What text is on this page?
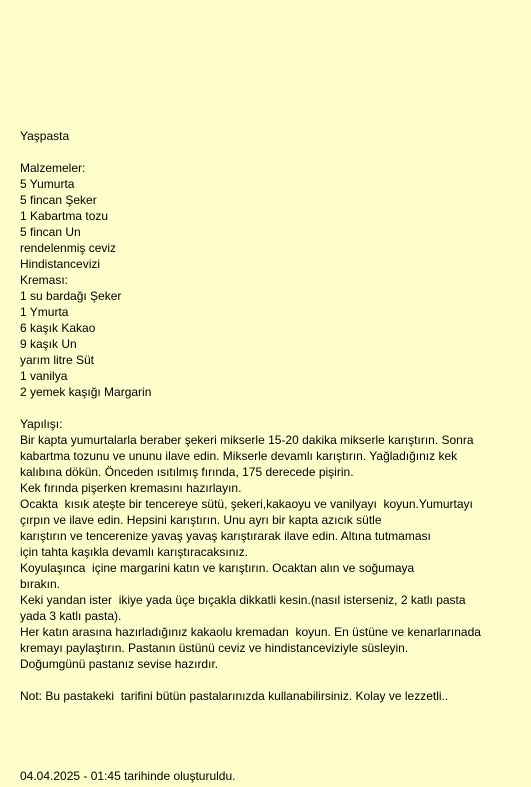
Yaşpasta
Malzemeler:
5 Yumurta
5 fincan Şeker
1 Kabartma tozu
5 fincan Un
rendelenmiş ceviz
Hindistancevizi
Kreması:
1 su bardağı Şeker
1 Ymurta
6 kaşık Kakao
9 kaşık Un
yarım litre Süt
1 vanilya
2 yemek kaşığı Margarin
Yapılışı:
Bir kapta yumurtalarla beraber şekeri mikserle 15-20 dakika mikserle karıştırın. Sonra
kabartma tozunu ve ununu ilave edin. Mikserle devamlı karıştırın. Yağladığınız kek
kalıbına dökün. Önceden ısıtılmış fırında, 175 derecede pişirin.
Kek fırında pişerken kremasını hazırlayın.
Ocakta  kısık ateşte bir tencereye sütü, şekeri,kakaoyu ve vanilyayı  koyun.Yumurtayı
çırpın ve ilave edin. Hepsini karıştırın. Unu ayrı bir kapta azıcık sütle
karıştırın ve tencerenize yavaş yavaş karıştırarak ilave edin. Altına tutmaması
için tahta kaşıkla devamlı karıştıracaksınız.
Koyulaşınca  içine margarini katın ve karıştırın. Ocaktan alın ve soğumaya
bırakın.
Keki yandan ister  ikiye yada üçe bıçakla dikkatli kesin.(nasıl isterseniz, 2 katlı pasta
yada 3 katlı pasta).
Her katın arasına hazırladığınız kakaolu kremadan  koyun. En üstüne ve kenarlarınada
kremayı paylaştırın. Pastanın üstünü ceviz ve hindistanceviziyle süsleyin.
Doğumgünü pastanız sevise hazırdır.
Not: Bu pastakeki  tarifini bütün pastalarınızda kullanabilirsiniz. Kolay ve lezzetli..
04.04.2025 - 01:45 tarihinde oluşturuldu.
